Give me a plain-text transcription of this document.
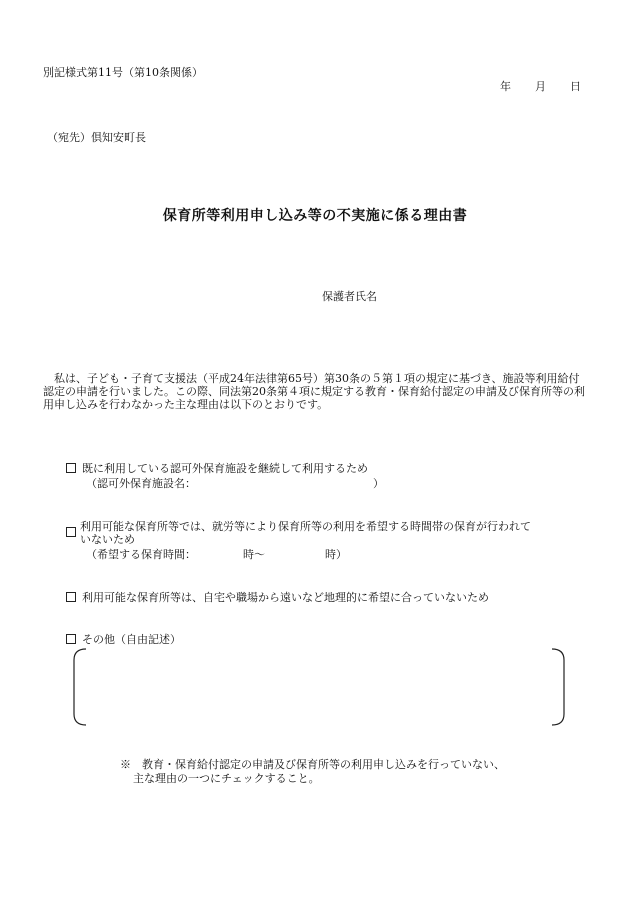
別記様式第11号（第10条関係）
年 月 日
（宛先）倶知安町長
保育所等利用申し込み等の不実施に係る理由書
保護者氏名
　私は、子ども・子育て支援法（平成24年法律第65号）第30条の５第１項の規定に基づき、施設等利用給付認定の申請を行いました。この際、同法第20条第４項に規定する教育・保育給付認定の申請及び保育所等の利用申し込みを行わなかった主な理由は以下のとおりです。
既に利用している認可外保育施設を継続して利用するため
（認可外保育施設名：	）
利用可能な保育所等では、就労等により保育所等の利用を希望する時間帯の保育が行われて
いないため
（希望する保育時間：	時～	時）
利用可能な保育所等は、自宅や職場から遠いなど地理的に希望に合っていないため
その他（自由記述）
※　教育・保育給付認定の申請及び保育所等の利用申し込みを行っていない、
主な理由の一つにチェックすること。
